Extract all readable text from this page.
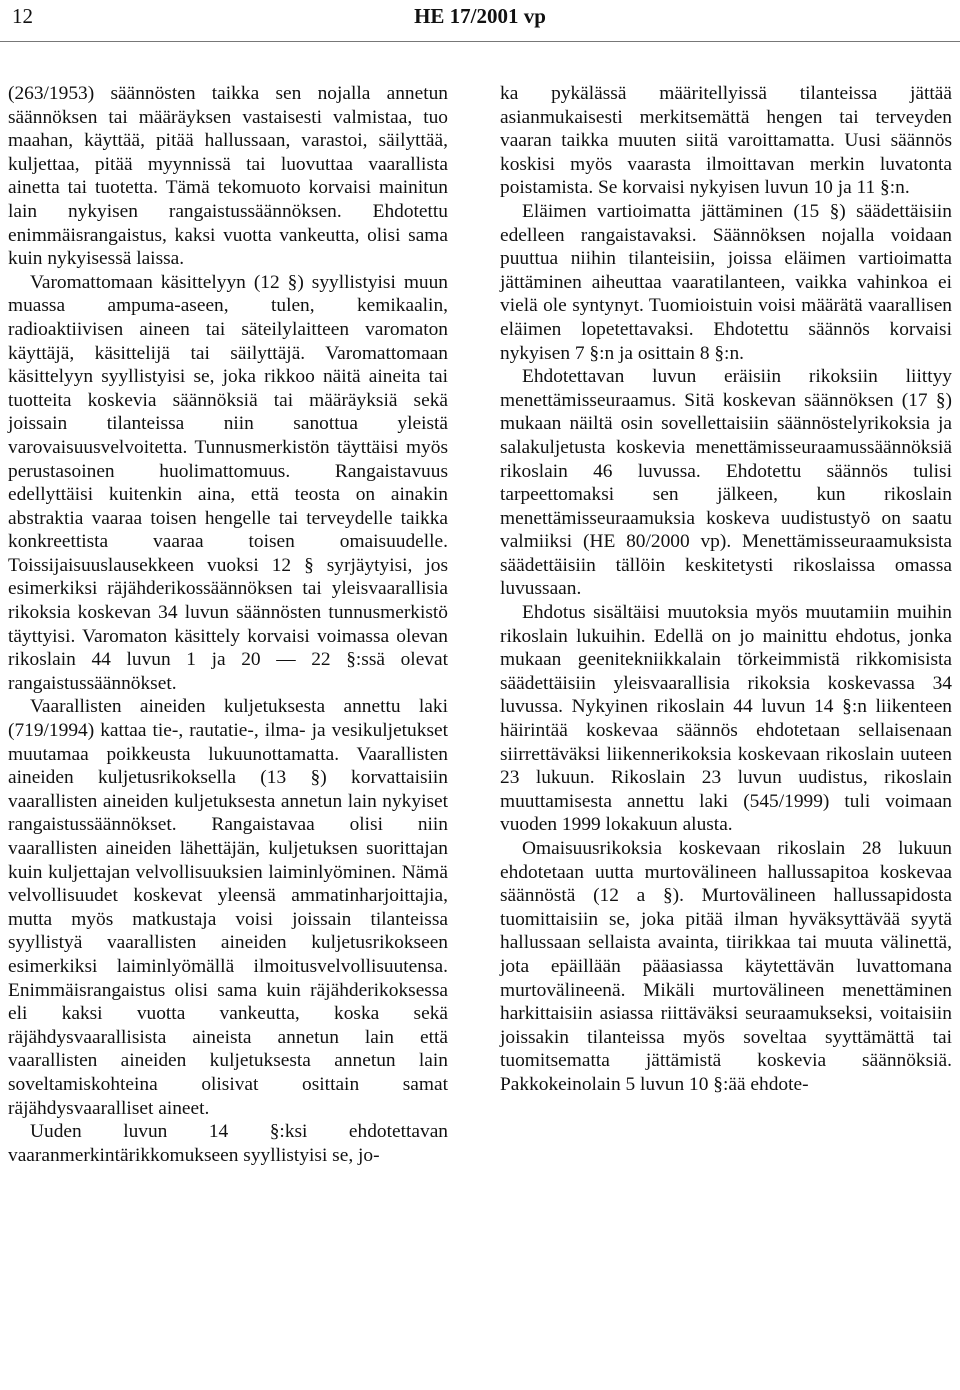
12	HE 17/2001 vp

(263/1953) säännösten taikka sen nojalla annetun säännöksen tai määräyksen vastaisesti valmistaa, tuo maahan, käyttää, pitää hallussaan, varastoi, säilyttää, kuljettaa, pitää myynnissä tai luovuttaa vaarallista ainetta tai tuotetta. Tämä tekomuoto korvaisi mainitun lain nykyisen rangaistussäännöksen. Ehdotettu enimmäisrangaistus, kaksi vuotta vankeutta, olisi sama kuin nykyisessä laissa.

Varomattomaan käsittelyyn (12 §) syyllistyisi muun muassa ampuma-aseen, tulen, kemikaalin, radioaktiivisen aineen tai säteilylaitteen varomaton käyttäjä, käsittelijä tai säilyttäjä. Varomattomaan käsittelyyn syyllistyisi se, joka rikkoo näitä aineita tai tuotteita koskevia säännöksiä tai määräyksiä sekä joissain tilanteissa niin sanottua yleistä varovaisuusvelvoitetta. Tunnusmerkistön täyttäisi myös perustasoinen huolimattomuus. Rangaistavuus edellyttäisi kuitenkin aina, että teosta on ainakin abstraktia vaaraa toisen hengelle tai terveydelle taikka konkreettista vaaraa toisen omaisuudelle. Toissijaisuuslausekkeen vuoksi 12 § syrjäytyisi, jos esimerkiksi räjähderikossäännöksen tai yleisvaarallisia rikoksia koskevan 34 luvun säännösten tunnusmerkistö täyttyisi. Varomaton käsittely korvaisi voimassa olevan rikoslain 44 luvun 1 ja 20 — 22 §:ssä olevat rangaistussäännökset.

Vaarallisten aineiden kuljetuksesta annettu laki (719/1994) kattaa tie-, rautatie-, ilma- ja vesikuljetukset muutamaa poikkeusta lukuunottamatta. Vaarallisten aineiden kuljetusrikoksella (13 §) korvattaisiin vaarallisten aineiden kuljetuksesta annetun lain nykyiset rangaistussäännökset. Rangaistavaa olisi niin vaarallisten aineiden lähettäjän, kuljetuksen suorittajan kuin kuljettajan velvollisuuksien laiminlyöminen. Nämä velvollisuudet koskevat yleensä ammatinharjoittajia, mutta myös matkustaja voisi joissain tilanteissa syyllistyä vaarallisten aineiden kuljetusrikokseen esimerkiksi laiminlyömällä ilmoitusvelvollisuutensa. Enimmäisrangaistus olisi sama kuin räjähderikoksessa eli kaksi vuotta vankeutta, koska sekä räjähdysvaarallisista aineista annetun lain että vaarallisten aineiden kuljetuksesta annetun lain soveltamiskohteina olisivat osittain samat räjähdysvaaralliset aineet.

Uuden luvun 14 §:ksi ehdotettavan vaaranmerkintärikkomukseen syyllistyisi se, jo-

ka pykälässä määritellyissä tilanteissa jättää asianmukaisesti merkitsemättä hengen tai terveyden vaaran taikka muuten siitä varoittamatta. Uusi säännös koskisi myös vaarasta ilmoittavan merkin luvatonta poistamista. Se korvaisi nykyisen luvun 10 ja 11 §:n.

Eläimen vartioimatta jättäminen (15 §) säädettäisiin edelleen rangaistavaksi. Säännöksen nojalla voidaan puuttua niihin tilanteisiin, joissa eläimen vartioimatta jättäminen aiheuttaa vaaratilanteen, vaikka vahinkoa ei vielä ole syntynyt. Tuomioistuin voisi määrätä vaarallisen eläimen lopetettavaksi. Ehdotettu säännös korvaisi nykyisen 7 §:n ja osittain 8 §:n.

Ehdotettavan luvun eräisiin rikoksiin liittyy menettämisseuraamus. Sitä koskevan säännöksen (17 §) mukaan näiltä osin sovellettaisiin säännöstelyrikoksia ja salakuljetusta koskevia menettämisseuraamussäännöksiä rikoslain 46 luvussa. Ehdotettu säännös tulisi tarpeettomaksi sen jälkeen, kun rikoslain menettämisseuraamuksia koskeva uudistustyö on saatu valmiiksi (HE 80/2000 vp). Menettämisseuraamuksista säädettäisiin tällöin keskitetysti rikoslaissa omassa luvussaan.

Ehdotus sisältäisi muutoksia myös muutamiin muihin rikoslain lukuihin. Edellä on jo mainittu ehdotus, jonka mukaan geenitekniikkalain törkeimmistä rikkomisista säädettäisiin yleisvaarallisia rikoksia koskevassa 34 luvussa. Nykyinen rikoslain 44 luvun 14 §:n liikenteen häirintää koskevaa säännös ehdotetaan sellaisenaan siirrettäväksi liikennerikoksia koskevaan rikoslain uuteen 23 lukuun. Rikoslain 23 luvun uudistus, rikoslain muuttamisesta annettu laki (545/1999) tuli voimaan vuoden 1999 lokakuun alusta.

Omaisuusrikoksia koskevaan rikoslain 28 lukuun ehdotetaan uutta murtovälineen hallussapitoa koskevaa säännöstä (12 a §). Murtovälineen hallussapidosta tuomittaisiin se, joka pitää ilman hyväksyttävää syytä hallussaan sellaista avainta, tiirikkaa tai muuta välinettä, jota epäillään pääasiassa käytettävän luvattomana murtovälineenä. Mikäli murtovälineen menettäminen harkittaisiin asiassa riittäväksi seuraamukseksi, voitaisiin joissakin tilanteissa myös soveltaa syyttämättä tai tuomitsematta jättämistä koskevia säännöksiä. Pakkokeinolain 5 luvun 10 §:ää ehdote-
